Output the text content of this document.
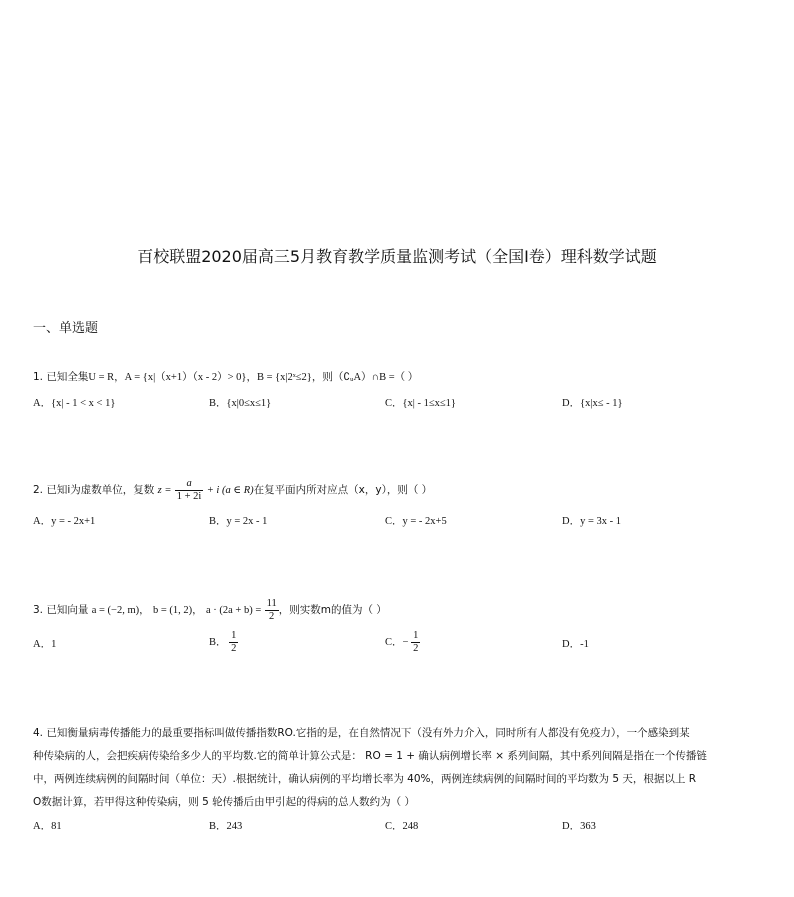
百校联盟2020届高三5月教育教学质量监测考试（全国Ⅰ卷）理科数学试题
一、单选题
1. 已知全集U = R，A = {x|（x+1）（x - 2）> 0}，B = {x|2ˣ≤2}，则（∁ᵤA）∩B =（ ）
A．{x| - 1 < x < 1}	B．{x|0≤x≤1}	C．{x| - 1≤x≤1}	D．{x|x≤ - 1}
2. 已知i为虚数单位，复数 $z = \frac{a}{1 + 2i} + i$ (a ∈ R)在复平面内所对应点（x，y），则（ ）
A．y = - 2x+1	B．y = 2x - 1	C．y = - 2x+5	D．y = 3x - 1
3. 已知向量 a = (−2, m)， b = (1, 2)， $a \cdot (2a + b) = \frac{11}{2}$ ，则实数m的值为（ ）
A．1	B． $\frac{1}{2}$	C．− $\frac{1}{2}$	D．-1
4. 已知衡量病毒传播能力的最重要指标叫做传播指数RO.它指的是，在自然情况下（没有外力介入，同时所有人都没有免疫力），一个感染到某
种传染病的人，会把疾病传染给多少人的平均数.它的简单计算公式是： RO = 1 + 确认病例增长率 × 系列间隔，其中系列间隔是指在一个传播链
中，两例连续病例的间隔时间（单位：天）.根据统计，确认病例的平均增长率为 40%，两例连续病例的间隔时间的平均数为 5 天，根据以上 R
O数据计算，若甲得这种传染病，则 5 轮传播后由甲引起的得病的总人数约为（ ）
A．81	B．243	C．248	D．363
